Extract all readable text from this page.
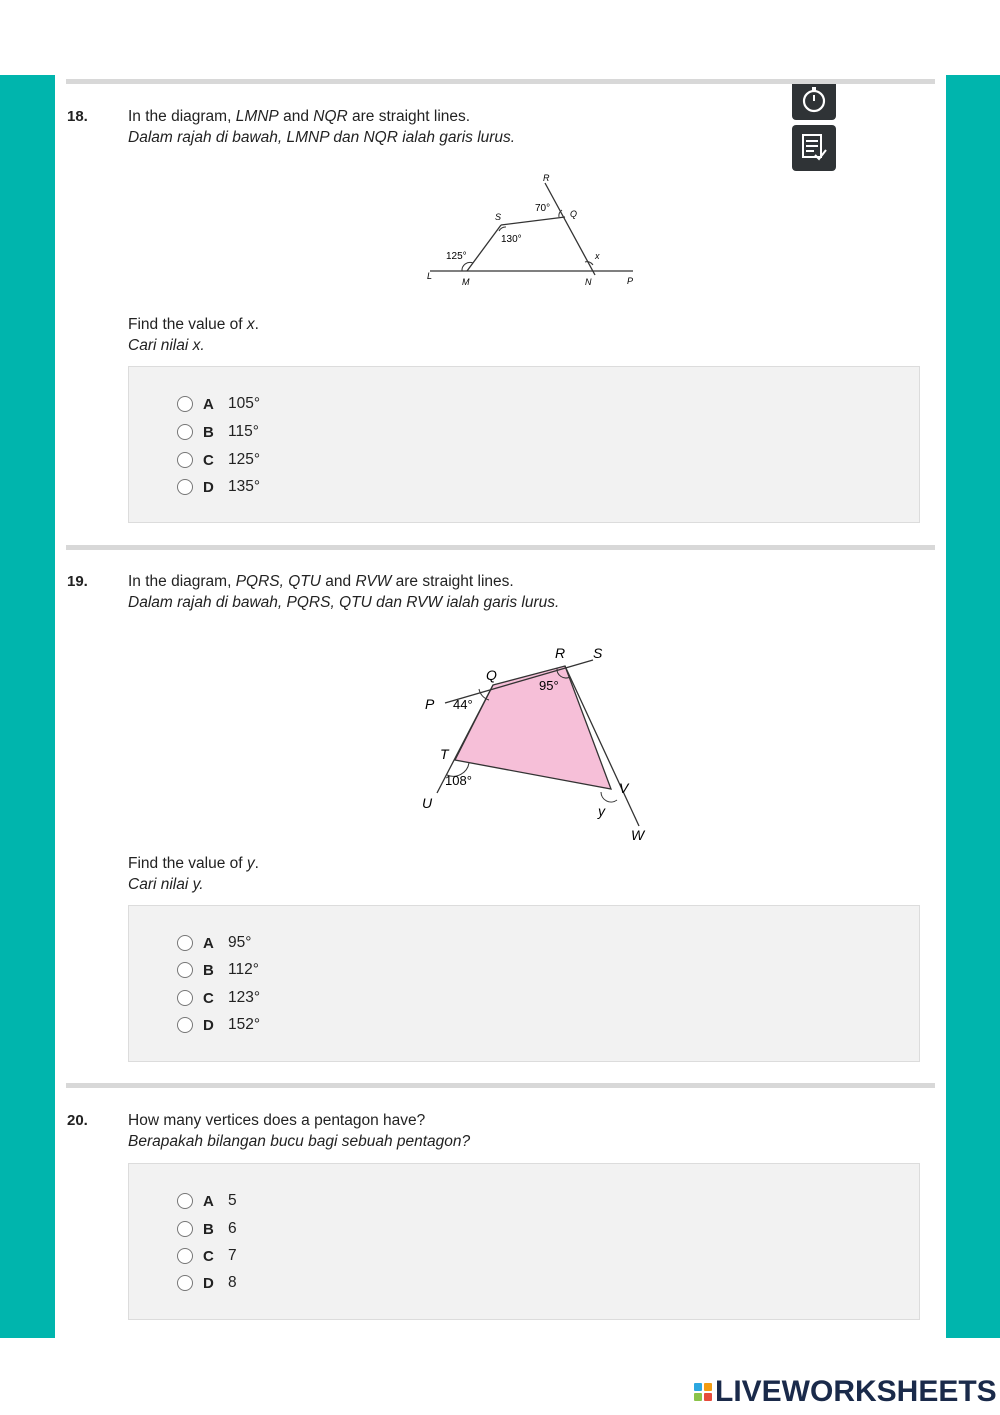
18.	In the diagram, LMNP and NQR are straight lines.
Dalam rajah di bawah, LMNP dan NQR ialah garis lurus.
R
S	Q
L
M	N	P
x
70°
130°
125°
Find the value of x.
Cari nilai x.
A 105°
B 115°
C 125°
D 135°
19.	In the diagram, PQRS, QTU and RVW are straight lines.
Dalam rajah di bawah, PQRS, QTU dan RVW ialah garis lurus.
R S
Q
P
T
U
V
W
y
44°
95°
108°
Find the value of y.
Cari nilai y.
A 95°
B 112°
C 123°
D 152°
20.	How many vertices does a pentagon have?
Berapakah bilangan bucu bagi sebuah pentagon?
A 5
B 6
C 7
D 8
LIVEWORKSHEETS
